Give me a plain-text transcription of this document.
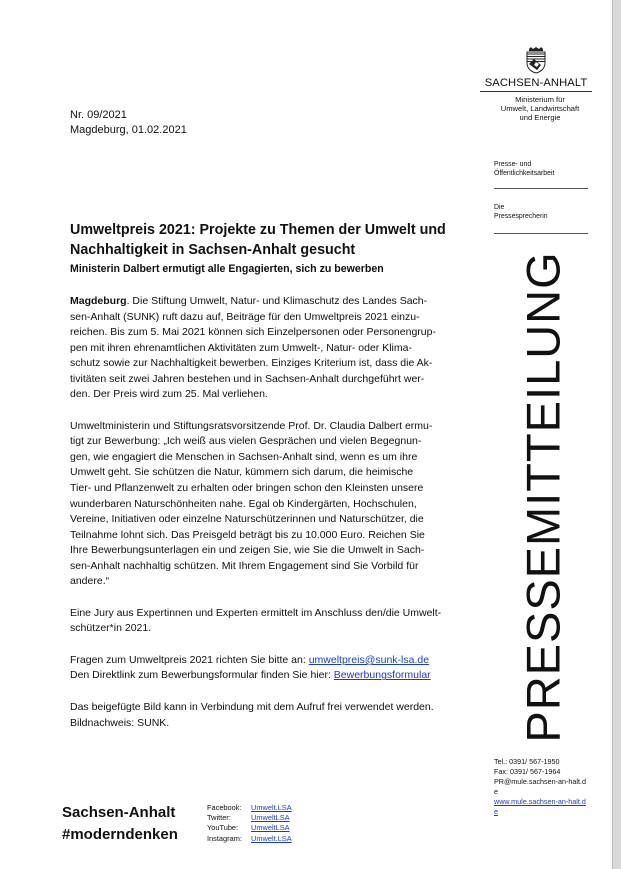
SACHSEN-ANHALT
Ministerium für
Umwelt, Landwirtschaft
und Energie
Nr. 09/2021
Magdeburg, 01.02.2021
Presse- und
Öffentlichkeitsarbeit
Die
Pressesprecherin
PRESSEMITTEILUNG
Tel.: 0391/ 567-1950
Fax: 0391/ 567-1964
PR@mule.sachsen-an-halt.de
www.mule.sachsen-an-halt.de
Umweltpreis 2021: Projekte zu Themen der Umwelt und
Nachhaltigkeit in Sachsen-Anhalt gesucht

Ministerin Dalbert ermutigt alle Engagierten, sich zu bewerben

Magdeburg. Die Stiftung Umwelt, Natur- und Klimaschutz des Landes Sach-
sen-Anhalt (SUNK) ruft dazu auf, Beiträge für den Umweltpreis 2021 einzu-
reichen. Bis zum 5. Mai 2021 können sich Einzelpersonen oder Personengrup-
pen mit ihren ehrenamtlichen Aktivitäten zum Umwelt-, Natur- oder Klima-
schutz sowie zur Nachhaltigkeit bewerben. Einziges Kriterium ist, dass die Ak-
tivitäten seit zwei Jahren bestehen und in Sachsen-Anhalt durchgeführt wer-
den. Der Preis wird zum 25. Mal verliehen.

Umweltministerin und Stiftungsratsvorsitzende Prof. Dr. Claudia Dalbert ermu-
tigt zur Bewerbung: „Ich weiß aus vielen Gesprächen und vielen Begegnun-
gen, wie engagiert die Menschen in Sachsen-Anhalt sind, wenn es um ihre
Umwelt geht. Sie schützen die Natur, kümmern sich darum, die heimische
Tier- und Pflanzenwelt zu erhalten oder bringen schon den Kleinsten unsere
wunderbaren Naturschönheiten nahe. Egal ob Kindergärten, Hochschulen,
Vereine, Initiativen oder einzelne Naturschützerinnen und Naturschützer, die
Teilnahme lohnt sich. Das Preisgeld beträgt bis zu 10.000 Euro. Reichen Sie
Ihre Bewerbungsunterlagen ein und zeigen Sie, wie Sie die Umwelt in Sach-
sen-Anhalt nachhaltig schützen. Mit Ihrem Engagement sind Sie Vorbild für
andere.“

Eine Jury aus Expertinnen und Experten ermittelt im Anschluss den/die Umwelt-
schützer*in 2021.

Fragen zum Umweltpreis 2021 richten Sie bitte an: umweltpreis@sunk-lsa.de
Den Direktlink zum Bewerbungsformular finden Sie hier: Bewerbungsformular

Das beigefügte Bild kann in Verbindung mit dem Aufruf frei verwendet werden.
Bildnachweis: SUNK.

Sachsen-Anhalt
#moderndenken
Facebook:	Umwelt.LSA
Twitter:	UmweltLSA
YouTube:	UmweltLSA
Instagram:	Umwelt.LSA
